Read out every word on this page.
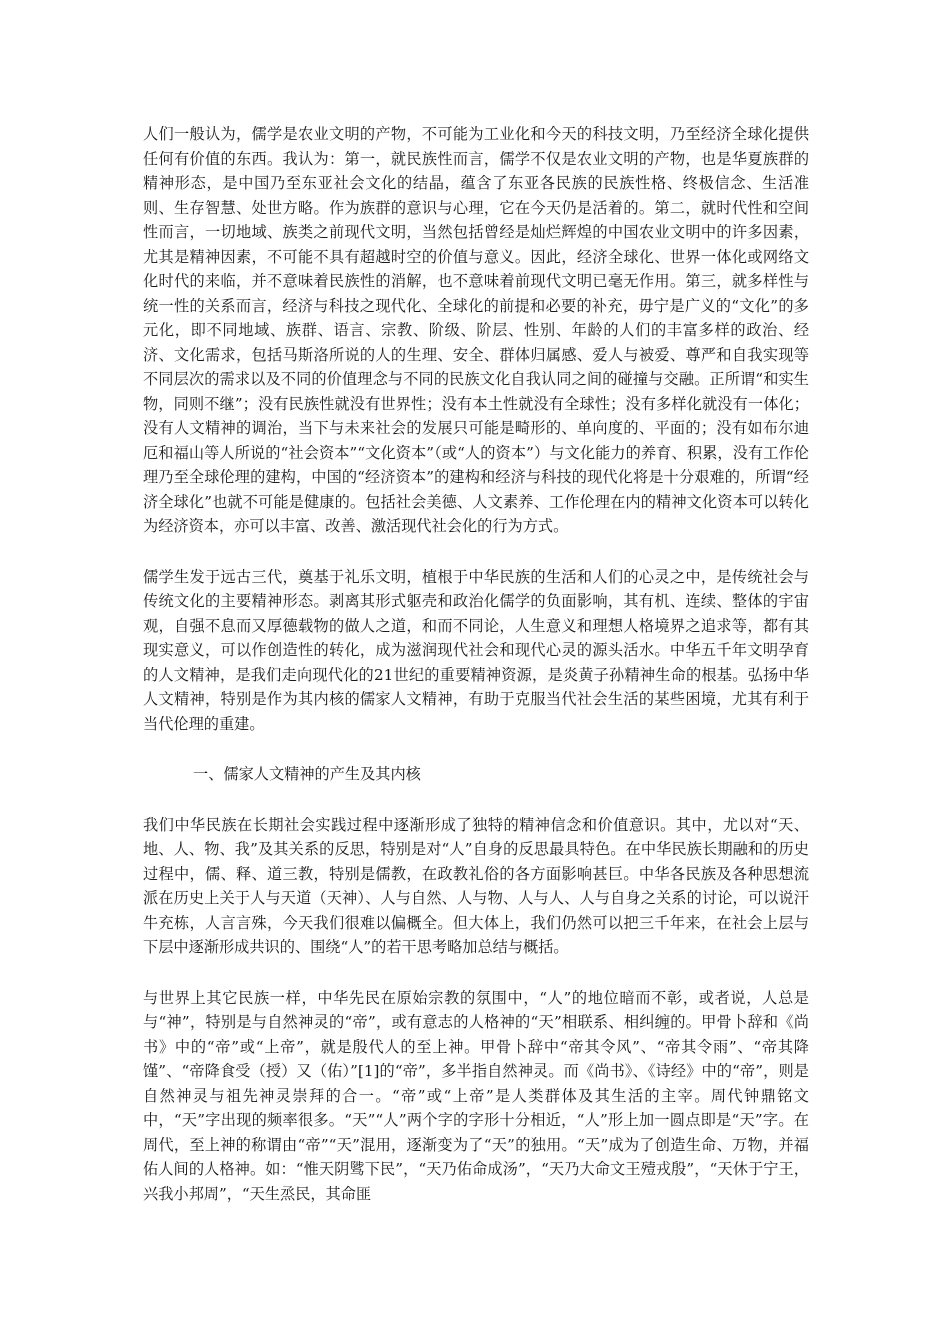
人们一般认为，儒学是农业文明的产物，不可能为工业化和今天的科技文明，乃至经济全球化提供任何有价值的东西。我认为：第一，就民族性而言，儒学不仅是农业文明的产物，也是华夏族群的精神形态，是中国乃至东亚社会文化的结晶，蕴含了东亚各民族的民族性格、终极信念、生活准则、生存智慧、处世方略。作为族群的意识与心理，它在今天仍是活着的。第二，就时代性和空间性而言，一切地域、族类之前现代文明，当然包括曾经是灿烂辉煌的中国农业文明中的许多因素，尤其是精神因素，不可能不具有超越时空的价值与意义。因此，经济全球化、世界一体化或网络文化时代的来临，并不意味着民族性的消解，也不意味着前现代文明已毫无作用。第三，就多样性与统一性的关系而言，经济与科技之现代化、全球化的前提和必要的补充，毋宁是广义的“文化”的多元化，即不同地域、族群、语言、宗教、阶级、阶层、性别、年龄的人们的丰富多样的政治、经济、文化需求，包括马斯洛所说的人的生理、安全、群体归属感、爱人与被爱、尊严和自我实现等不同层次的需求以及不同的价值理念与不同的民族文化自我认同之间的碰撞与交融。正所谓“和实生物，同则不继”；没有民族性就没有世界性；没有本土性就没有全球性；没有多样化就没有一体化；没有人文精神的调治，当下与未来社会的发展只可能是畸形的、单向度的、平面的；没有如布尔迪厄和福山等人所说的“社会资本”“文化资本”（或“人的资本”）与文化能力的养育、积累，没有工作伦理乃至全球伦理的建构，中国的“经济资本”的建构和经济与科技的现代化将是十分艰难的，所谓“经济全球化”也就不可能是健康的。包括社会美德、人文素养、工作伦理在内的精神文化资本可以转化为经济资本，亦可以丰富、改善、激活现代社会化的行为方式。

儒学生发于远古三代，奠基于礼乐文明，植根于中华民族的生活和人们的心灵之中，是传统社会与传统文化的主要精神形态。剥离其形式躯壳和政治化儒学的负面影响，其有机、连续、整体的宇宙观，自强不息而又厚德载物的做人之道，和而不同论，人生意义和理想人格境界之追求等，都有其现实意义，可以作创造性的转化，成为滋润现代社会和现代心灵的源头活水。中华五千年文明孕育的人文精神，是我们走向现代化的21世纪的重要精神资源，是炎黄子孙精神生命的根基。弘扬中华人文精神，特别是作为其内核的儒家人文精神，有助于克服当代社会生活的某些困境，尤其有利于当代伦理的重建。

一、儒家人文精神的产生及其内核

我们中华民族在长期社会实践过程中逐渐形成了独特的精神信念和价值意识。其中，尤以对“天、地、人、物、我”及其关系的反思，特别是对“人”自身的反思最具特色。在中华民族长期融和的历史过程中，儒、释、道三教，特别是儒教，在政教礼俗的各方面影响甚巨。中华各民族及各种思想流派在历史上关于人与天道（天神）、人与自然、人与物、人与人、人与自身之关系的讨论，可以说汗牛充栋，人言言殊，今天我们很难以偏概全。但大体上，我们仍然可以把三千年来，在社会上层与下层中逐渐形成共识的、围绕“人”的若干思考略加总结与概括。

与世界上其它民族一样，中华先民在原始宗教的氛围中，“人”的地位暗而不彰，或者说，人总是与“神”，特别是与自然神灵的“帝”，或有意志的人格神的“天”相联系、相纠缠的。甲骨卜辞和《尚书》中的“帝”或“上帝”，就是殷代人的至上神。甲骨卜辞中“帝其令风”、“帝其令雨”、“帝其降馑”、“帝降食受（授）又（佑）”[1]的“帝”，多半指自然神灵。而《尚书》、《诗经》中的“帝”，则是自然神灵与祖先神灵崇拜的合一。“帝”或“上帝”是人类群体及其生活的主宰。周代钟鼎铭文中，“天”字出现的频率很多。“天”“人”两个字的字形十分相近，“人”形上加一圆点即是“天”字。在周代，至上神的称谓由“帝”“天”混用，逐渐变为了“天”的独用。“天”成为了创造生命、万物，并福佑人间的人格神。如：“惟天阴骘下民”，“天乃佑命成汤”，“天乃大命文王殪戎殷”，“天休于宁王，兴我小邦周”，“天生烝民，其命匪
